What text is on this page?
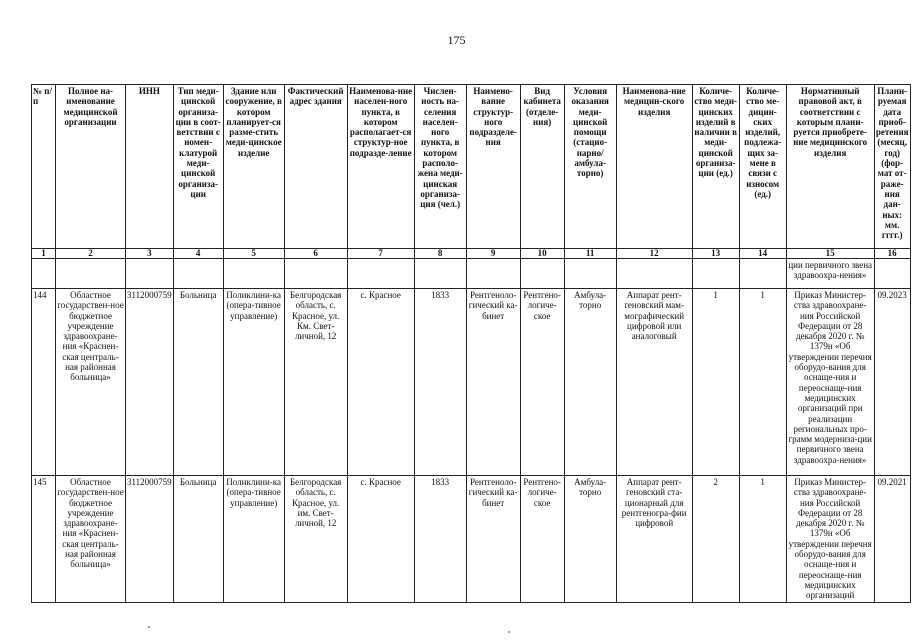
175
№ п/п	Полное на-именование медицинской организации	ИНН	Тип меди-цинской организа-ции в соот-ветствии с номен-клатурой меди-цинской организа-ции	Здание или сооружение, в котором планирует-ся разме-стить меди-цинское изделие	Фактический адрес здания	Наименова-ние населен-ного пункта, в котором располагает-ся структур-ное подразде-ление	Числен-ность на-селения населен-ного пункта, в котором располо-жена меди-цинская организа-ция (чел.)	Наимено-вание структур-ного подразделе-ния	Вид кабинета (отделе-ния)	Условия оказания меди-цинской помощи (стацио-нарно/ амбула-торно)	Наименова-ние медицин-ского изделия	Количе-ство меди-цинских изделий в наличии в меди-цинской организа-ции (ед.)	Количе-ство ме-дицин-ских изделий, подлежа-щих за-мене в связи с износом (ед.)	Нормативный правовой акт, в соответствии с которым плани-руется приобрете-ние медицинского изделия	Плани-руемая дата приоб-ретения (месяц, год) (фор-мат от-раже-ния дан-ных: мм. гггг.)
1	2	3	4	5	6	7	8	9	10	11	12	13	14	15	16
														ции первичного звена здравоохра-нения»	
144	Областное государствен-ное бюджетное учреждение здравоохране-ния «Краснен-ская централь-ная районная больница»	3112000759	Больница	Поликлини-ка (опера-тивное управление)	Белгородская область, с. Красное, ул. Км. Свет-личной, 12	с. Красное	1833	Рентгеноло-гический ка-бинет	Рентгено-логиче-ское	Амбула-торно	Аппарат рент-геновский мам-мографический цифровой или аналоговый	1	1	Приказ Министер-ства здравоохране-ния Российской Федерации от 28 декабря 2020 г. № 1379н «Об утверждении перечня оборудо-вания для оснаще-ния и переоснаще-ния медицинских организаций при реализации региональных про-грамм модерниза-ции первичного звена здравоохра-нения»	09.2023
145	Областное государствен-ное бюджетное учреждение здравоохране-ния «Краснен-ская централь-ная районная больница»	3112000759	Больница	Поликлини-ка (опера-тивное управление)	Белгородская область, с. Красное, ул. им. Свет-личной, 12	с. Красное	1833	Рентгеноло-гический ка-бинет	Рентгено-логиче-ское	Амбула-торно	Аппарат рент-геновский ста-ционарный для рентгеногра-фии цифровой	2	1	Приказ Министер-ства здравоохране-ния Российской Федерации от 28 декабря 2020 г. № 1379н «Об утверждении перечня оборудо-вания для оснаще-ния и переоснаще-ния медицинских организаций	09.2021
